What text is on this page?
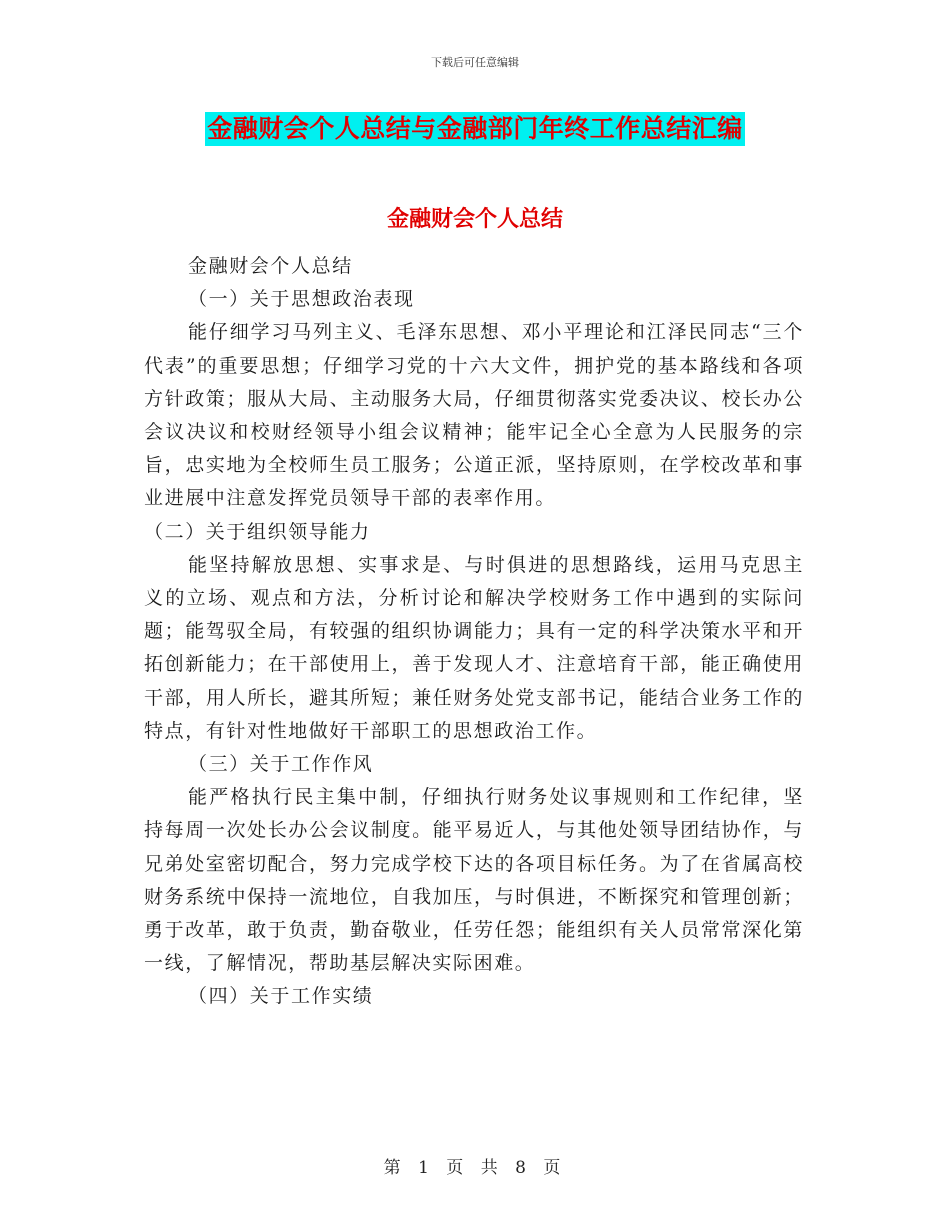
下载后可任意编辑
金融财会个人总结与金融部门年终工作总结汇编
金融财会个人总结

金融财会个人总结

（一）关于思想政治表现

能仔细学习马列主义、毛泽东思想、邓小平理论和江泽民同志“三个代表”的重要思想；仔细学习党的十六大文件，拥护党的基本路线和各项方针政策；服从大局、主动服务大局，仔细贯彻落实党委决议、校长办公会议决议和校财经领导小组会议精神；能牢记全心全意为人民服务的宗旨，忠实地为全校师生员工服务；公道正派，坚持原则，在学校改革和事业进展中注意发挥党员领导干部的表率作用。

（二）关于组织领导能力

能坚持解放思想、实事求是、与时俱进的思想路线，运用马克思主义的立场、观点和方法，分析讨论和解决学校财务工作中遇到的实际问题；能驾驭全局，有较强的组织协调能力；具有一定的科学决策水平和开拓创新能力；在干部使用上，善于发现人才、注意培育干部，能正确使用干部，用人所长，避其所短；兼任财务处党支部书记，能结合业务工作的特点，有针对性地做好干部职工的思想政治工作。

（三）关于工作作风

能严格执行民主集中制，仔细执行财务处议事规则和工作纪律，坚持每周一次处长办公会议制度。能平易近人，与其他处领导团结协作，与兄弟处室密切配合，努力完成学校下达的各项目标任务。为了在省属高校财务系统中保持一流地位，自我加压，与时俱进，不断探究和管理创新；勇于改革，敢于负责，勤奋敬业，任劳任怨；能组织有关人员常常深化第一线，了解情况，帮助基层解决实际困难。

（四）关于工作实绩

第 1 页 共 8 页
